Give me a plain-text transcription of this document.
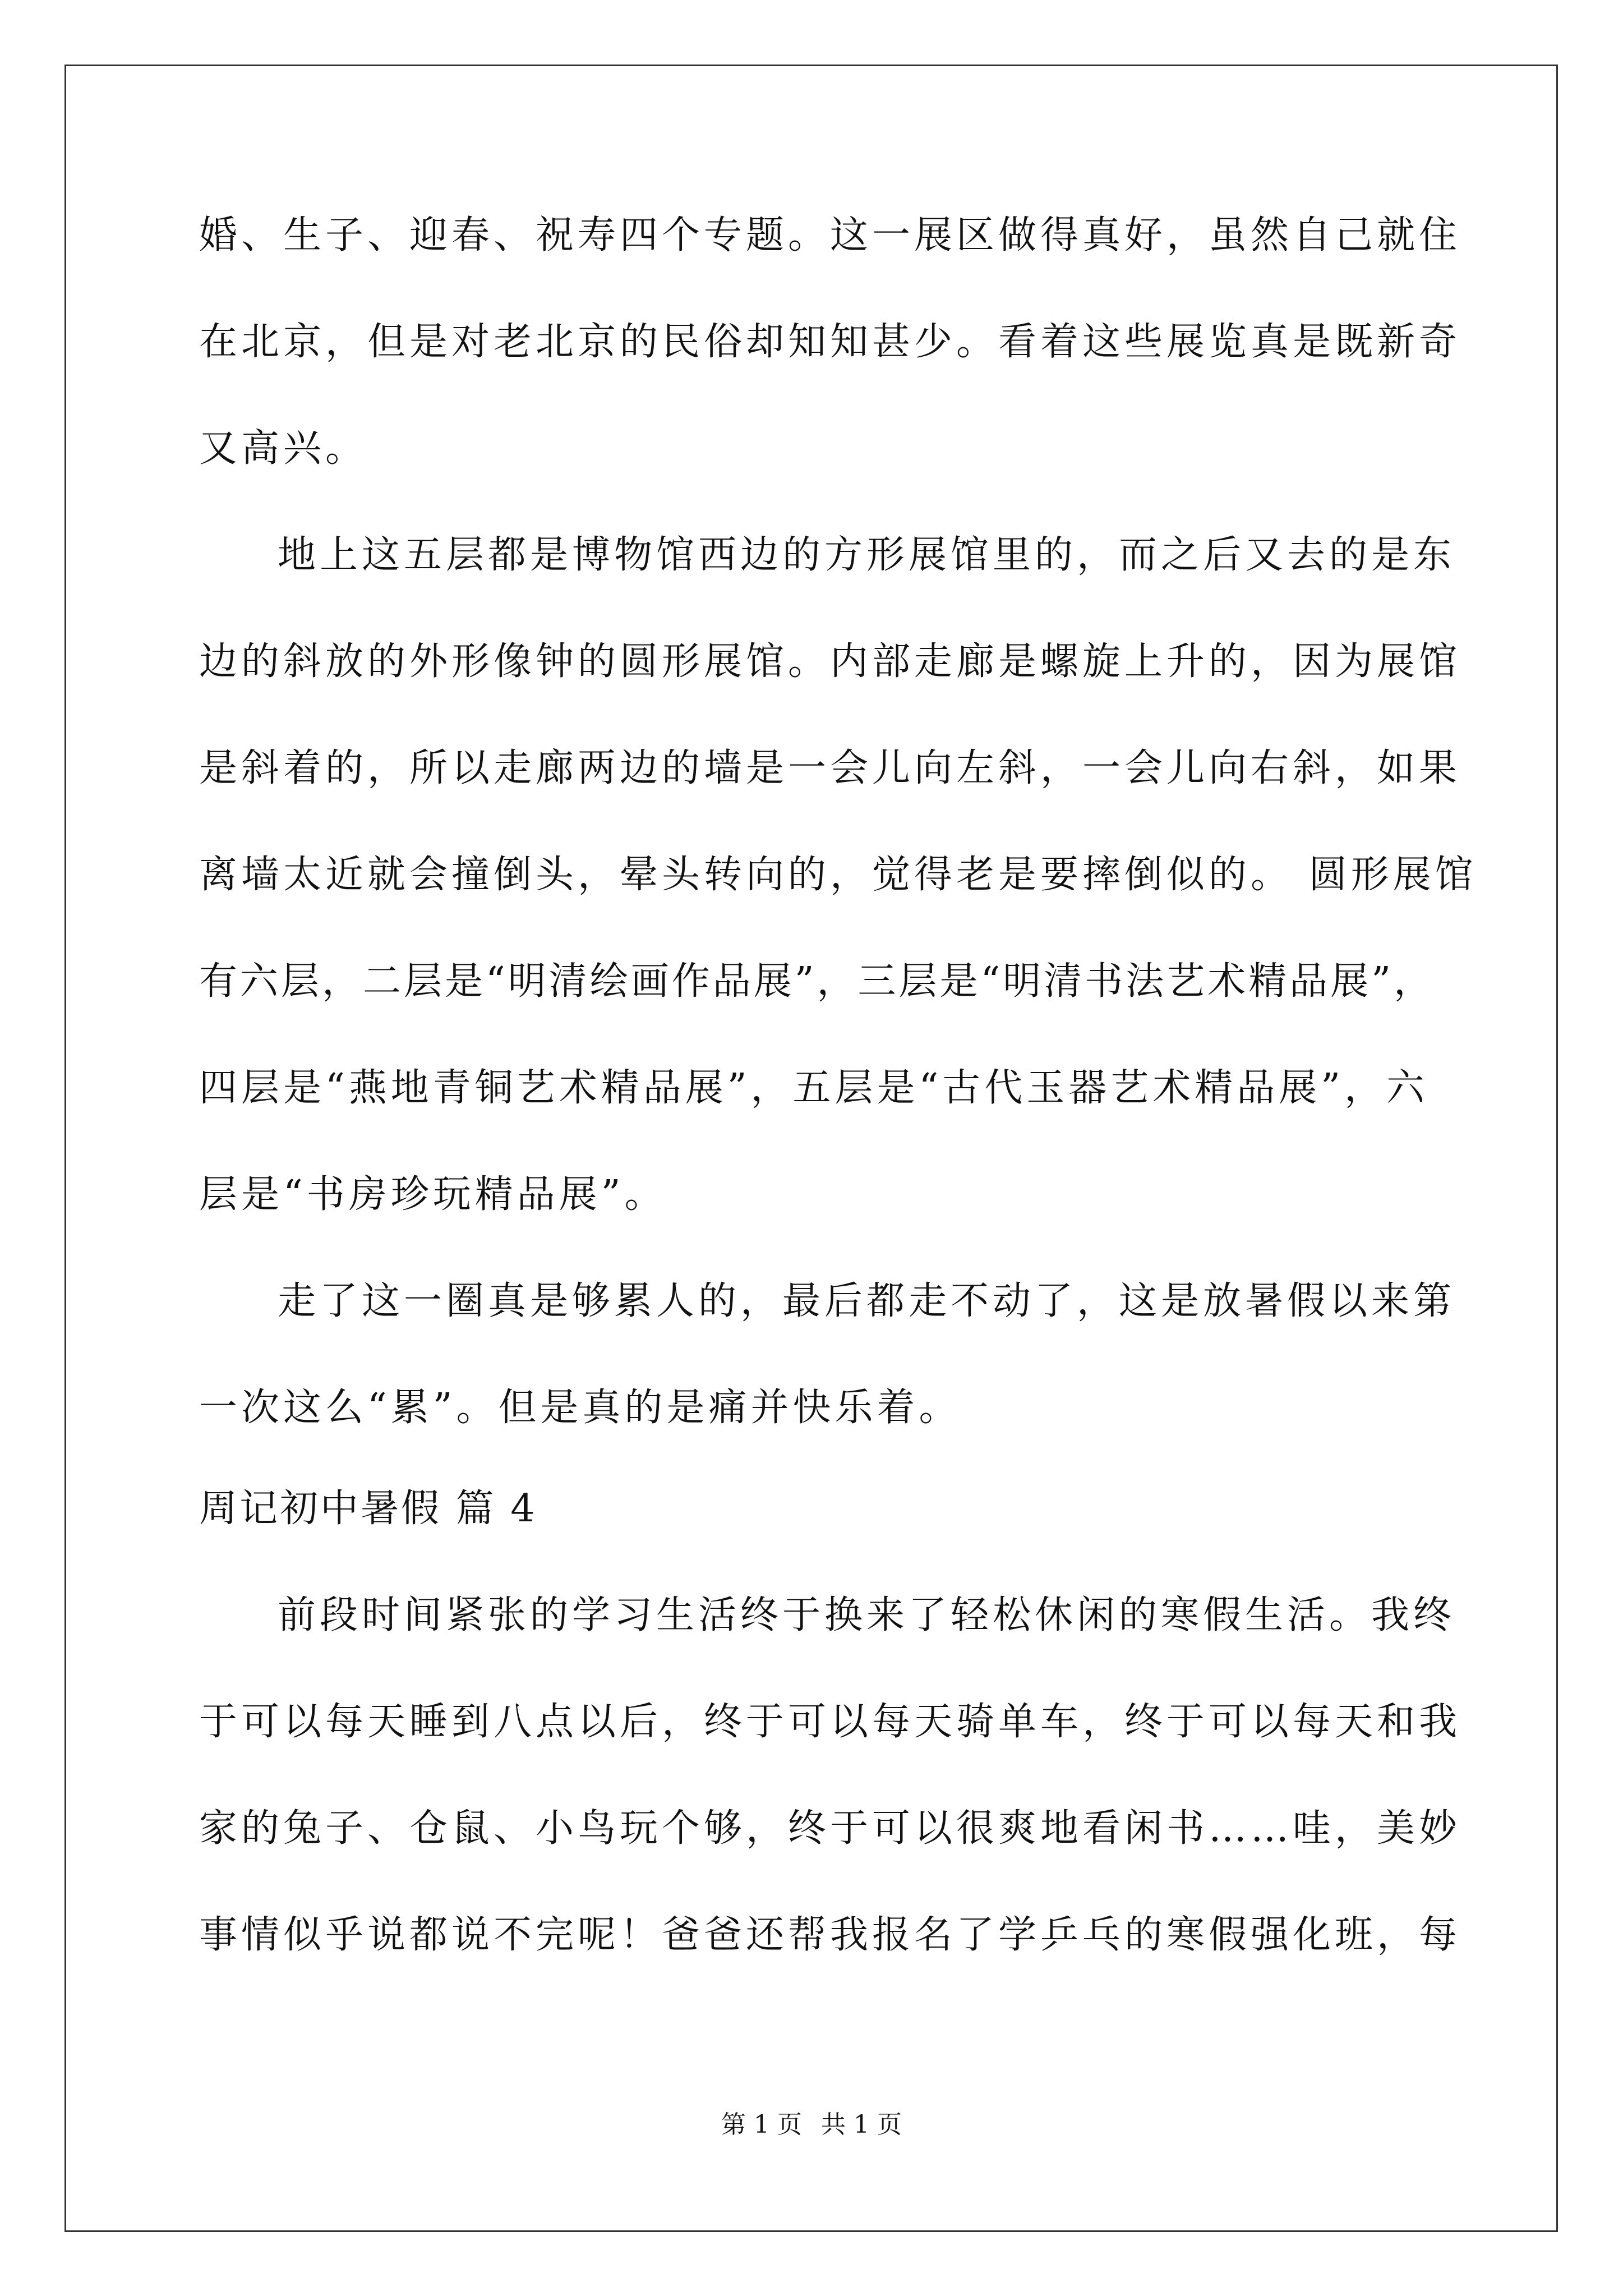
婚、生子、迎春、祝寿四个专题。这一展区做得真好，虽然自己就住
在北京，但是对老北京的民俗却知知甚少。看着这些展览真是既新奇
又高兴。
地上这五层都是博物馆西边的方形展馆里的，而之后又去的是东
边的斜放的外形像钟的圆形展馆。内部走廊是螺旋上升的，因为展馆
是斜着的，所以走廊两边的墙是一会儿向左斜，一会儿向右斜，如果
离墙太近就会撞倒头，晕头转向的，觉得老是要摔倒似的。 圆形展馆
有六层，二层是“明清绘画作品展”，三层是“明清书法艺术精品展”，
四层是“燕地青铜艺术精品展”，五层是“古代玉器艺术精品展”，六
层是“书房珍玩精品展”。
走了这一圈真是够累人的，最后都走不动了，这是放暑假以来第
一次这么“累”。但是真的是痛并快乐着。
周记初中暑假 篇 4
前段时间紧张的学习生活终于换来了轻松休闲的寒假生活。我终
于可以每天睡到八点以后，终于可以每天骑单车，终于可以每天和我
家的兔子、仓鼠、小鸟玩个够，终于可以很爽地看闲书……哇，美妙
事情似乎说都说不完呢！爸爸还帮我报名了学乒乓的寒假强化班，每
第 1 页 共 1 页
